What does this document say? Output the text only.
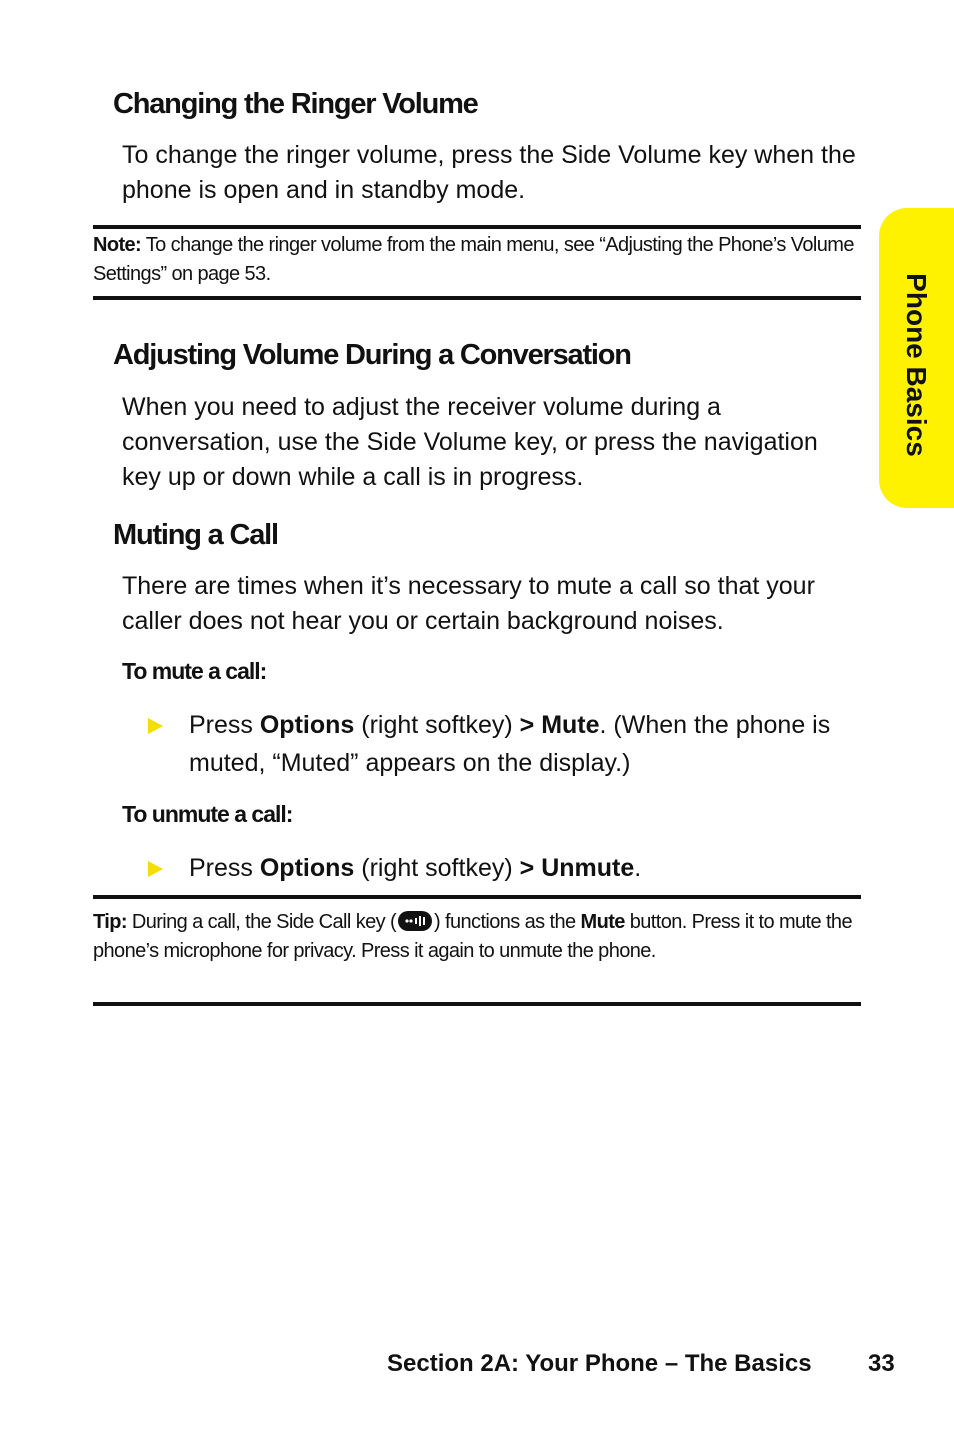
Phone Basics
Changing the Ringer Volume

To change the ringer volume, press the Side Volume key when the phone is open and in standby mode.

Note: To change the ringer volume from the main menu, see “Adjusting the Phone’s Volume Settings” on page 53.

Adjusting Volume During a Conversation

When you need to adjust the receiver volume during a conversation, use the Side Volume key, or press the navigation key up or down while a call is in progress.

Muting a Call

There are times when it’s necessary to mute a call so that your caller does not hear you or certain background noises.

To mute a call:

Press Options (right softkey) > Mute. (When the phone is muted, “Muted” appears on the display.)

To unmute a call:

Press Options (right softkey) > Unmute.

Tip: During a call, the Side Call key ( ) functions as the Mute button. Press it to mute the phone’s microphone for privacy. Press it again to unmute the phone.

Section 2A: Your Phone – The Basics 33
